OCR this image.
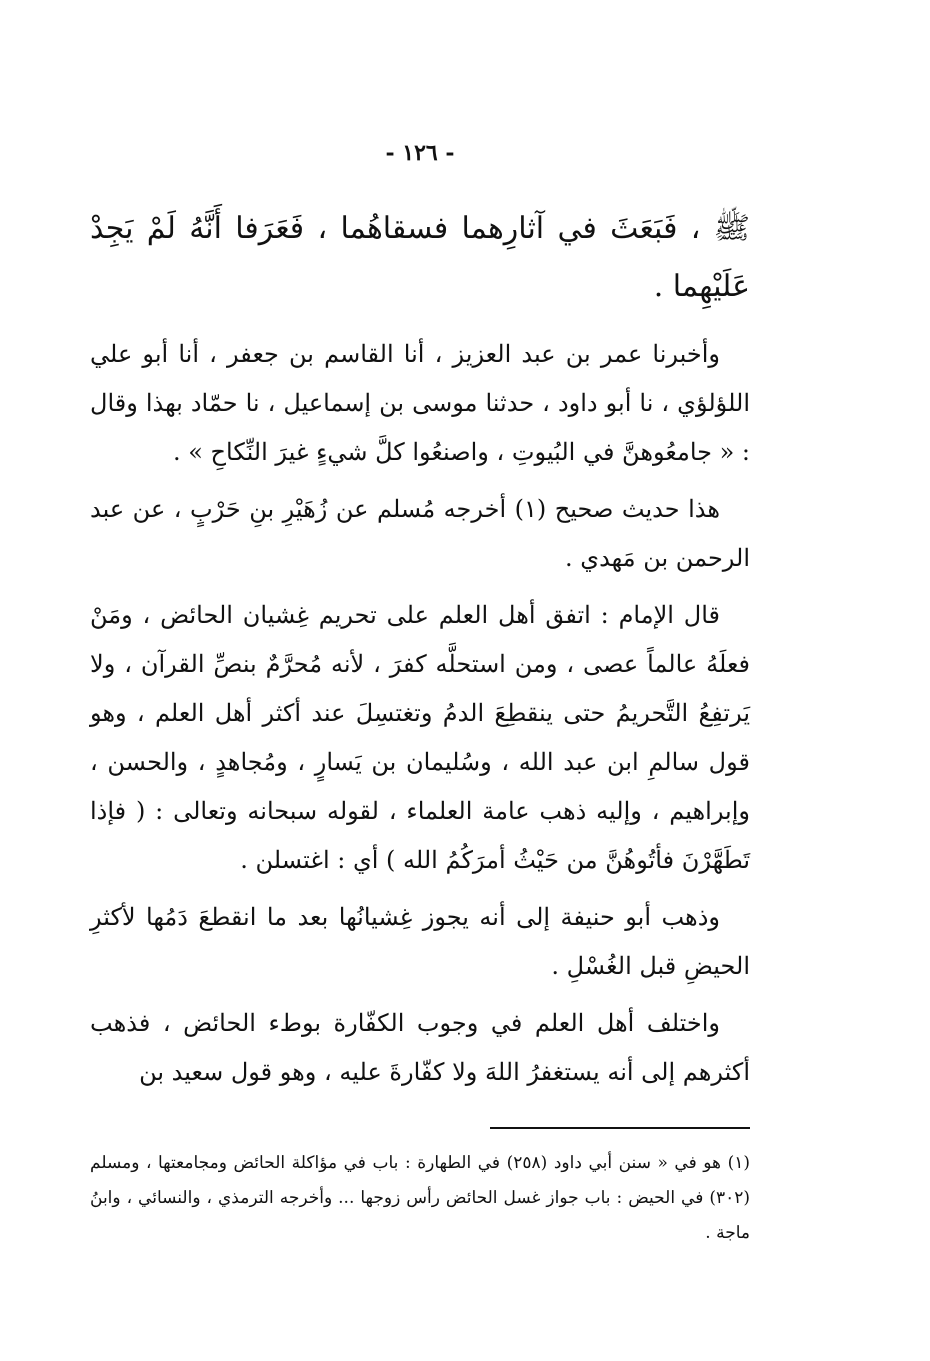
- ١٢٦ -

ﷺ ، فَبَعَثَ في آثارِهما فسقاهُما ، فَعَرَفا أَنَّهُ لَمْ يَجِدْ عَلَيْهِما .

وأخبرنا عمر بن عبد العزيز ، أنا القاسم بن جعفر ، أنا أبو علي اللؤلؤي ، نا أبو داود ، حدثنا موسى بن إسماعيل ، نا حمّاد بهذا وقال : « جامعُوهنَّ في البُيوتِ ، واصنعُوا كلَّ شيءٍ غيرَ النِّكاحِ » .

هذا حديث صحيح (١) أخرجه مُسلم عن زُهَيْرِ بنِ حَرْبٍ ، عن عبد الرحمن بن مَهدي .

قال الإمام : اتفق أهل العلم على تحريم غِشيان الحائض ، ومَنْ فعلَهُ عالماً عصى ، ومن استحلَّه كفرَ ، لأنه مُحرَّمٌ بنصِّ القرآن ، ولا يَرتفِعُ التَّحريمُ حتى ينقطِعَ الدمُ وتغتسِلَ عند أكثر أهل العلم ، وهو قول سالمِ ابن عبد الله ، وسُليمان بن يَسارٍ ، ومُجاهدٍ ، والحسن ، وإبراهيم ، وإليه ذهب عامة العلماء ، لقوله سبحانه وتعالى : ( فإذا تَطَهَّرْنَ فأتُوهُنَّ من حَيْثُ أمرَكُمُ الله ) أي : اغتسلن .

وذهب أبو حنيفة إلى أنه يجوز غِشيانُها بعد ما انقطعَ دَمُها لأكثرِ الحيضِ قبل الغُسْلِ .

واختلف أهل العلم في وجوب الكفّارة بوطء الحائض ، فذهب أكثرهم إلى أنه يستغفرُ اللهَ ولا كفّارةَ عليه ، وهو قول سعيد بن

(١) هو في « سنن أبي داود (٢٥٨) في الطهارة : باب في مؤاكلة الحائض ومجامعتها ، ومسلم (٣٠٢) في الحيض : باب جواز غسل الحائض رأس زوجها ... وأخرجه الترمذي ، والنسائي ، وابنُ ماجة .
